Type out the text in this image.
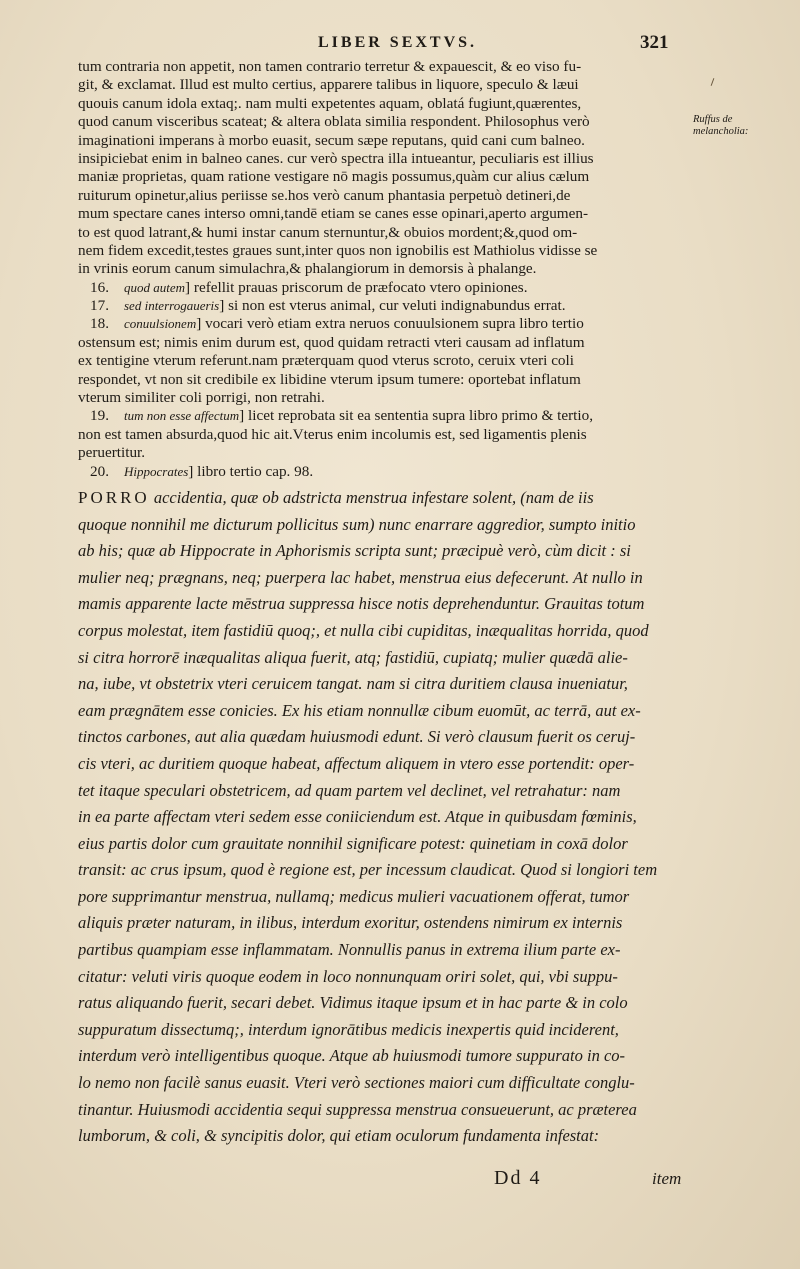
LIBER SEXTVS.	321
Ruffus de melancholia:
tum contraria non appetit, non tamen contrario terretur & expauescit, & eo viso fu-
git, & exclamat. Illud est multo certius, apparere talibus in liquore, speculo & læui
quouis canum idola extaq;. nam multi expetentes aquam, oblatá fugiunt,quærentes,
quod canum visceribus scateat; & altera oblata similia respondent. Philosophus verò
imaginationi imperans à morbo euasit, secum sæpe reputans, quid cani cum balneo.
insipiciebat enim in balneo canes. cur verò spectra illa intueantur, peculiaris est illius
maniæ proprietas, quam ratione vestigare nō magis possumus,quàm cur alius cælum
ruiturum opinetur,alius periisse se.hos verò canum phantasia perpetuò detineri,de
mum spectare canes interso omni,tandē etiam se canes esse opinari,aperto argumen-
to est quod latrant,& humi instar canum sternuntur,& obuios mordent;&,quod om-
nem fidem excedit,testes graues sunt,inter quos non ignobilis est Mathiolus vidisse se
in vrinis eorum canum simulachra,& phalangiorum in demorsis à phalange.
16. quod autem] refellit prauas priscorum de præfocato vtero opiniones.
17. sed interrogaueris] si non est vterus animal, cur veluti indignabundus errat.
18. conuulsionem] vocari verò etiam extra neruos conuulsionem supra libro tertio
ostensum est; nimis enim durum est, quod quidam retracti vteri causam ad inflatum
ex tentigine vterum referunt.nam præterquam quod vterus scroto, ceruix vteri coli
respondet, vt non sit credibile ex libidine vterum ipsum tumere: oportebat inflatum
vterum similiter coli porrigi, non retrahi.
19. tum non esse affectum] licet reprobata sit ea sententia supra libro primo & tertio,
non est tamen absurda,quod hic ait.Vterus enim incolumis est, sed ligamentis plenis
peruertitur.
20. Hippocrates] libro tertio cap. 98.
PORRO accidentia, quæ ob adstricta menstrua infestare solent, (nam de iis
quoque nonnihil me dicturum pollicitus sum) nunc enarrare aggredior, sumpto initio
ab his; quæ ab Hippocrate in Aphorismis scripta sunt; præcipuè verò, cùm dicit : si
mulier neq; prægnans, neq; puerpera lac habet, menstrua eius defecerunt. At nullo in
mamis apparente lacte mēstrua suppressa hisce notis deprehenduntur. Grauitas totum
corpus molestat, item fastidiū quoq;, et nulla cibi cupiditas, inæqualitas horrida, quod
si citra horrorē inæqualitas aliqua fuerit, atq; fastidiū, cupiatq; mulier quædā alie-
na, iube, vt obstetrix vteri ceruicem tangat. nam si citra duritiem clausa inueniatur,
eam prægnātem esse conicies. Ex his etiam nonnullæ cibum euomūt, ac terrā, aut ex-
tinctos carbones, aut alia quædam huiusmodi edunt. Si verò clausum fuerit os ceruj-
cis vteri, ac duritiem quoque habeat, affectum aliquem in vtero esse portendit: oper-
tet itaque speculari obstetricem, ad quam partem vel declinet, vel retrahatur: nam
in ea parte affectam vteri sedem esse coniiciendum est. Atque in quibusdam fœminis,
eius partis dolor cum grauitate nonnihil significare potest: quinetiam in coxā dolor
transit: ac crus ipsum, quod è regione est, per incessum claudicat. Quod si longiori tem
pore supprimantur menstrua, nullamq; medicus mulieri vacuationem offerat, tumor
aliquis præter naturam, in ilibus, interdum exoritur, ostendens nimirum ex internis
partibus quampiam esse inflammatam. Nonnullis panus in extrema ilium parte ex-
citatur: veluti viris quoque eodem in loco nonnunquam oriri solet, qui, vbi suppu-
ratus aliquando fuerit, secari debet. Vidimus itaque ipsum et in hac parte & in colo
suppuratum dissectumq;, interdum ignorātibus medicis inexpertis quid inciderent,
interdum verò intelligentibus quoque. Atque ab huiusmodi tumore suppurato in co-
lo nemo non facilè sanus euasit. Vteri verò sectiones maiori cum difficultate conglu-
tinantur. Huiusmodi accidentia sequi suppressa menstrua consueuerunt, ac præterea
lumborum, & coli, & syncipitis dolor, qui etiam oculorum fundamenta infestat:
Dd 4	item
